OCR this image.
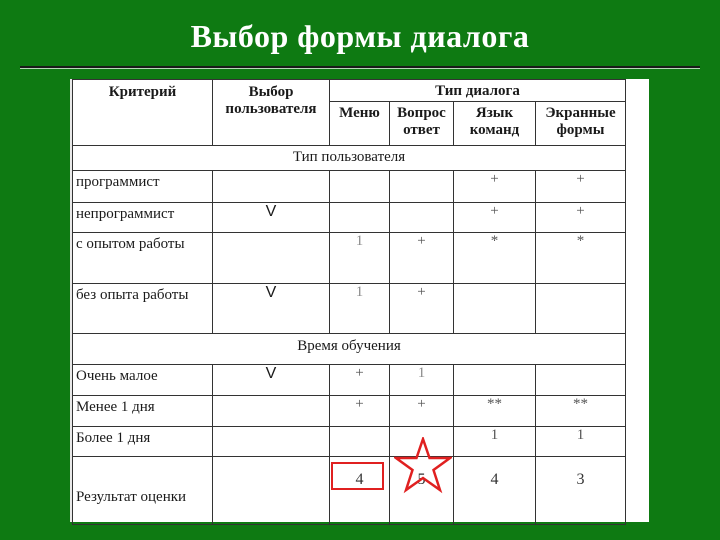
Выбор формы диалога
Критерий	Выбор пользователя	Тип диалога			
		Меню	Вопрос ответ	Язык команд	Экранные формы
Тип пользователя					
программист				+	+
непрограммист	V			+	+
с опытом работы		1	+	*	*
без опыта работы	V	1	+		
Время обучения					
Очень малое	V	+	1		
Менее 1 дня		+	+	**	**
Более 1 дня				1	1
Результат оценки		4	5	4	3
